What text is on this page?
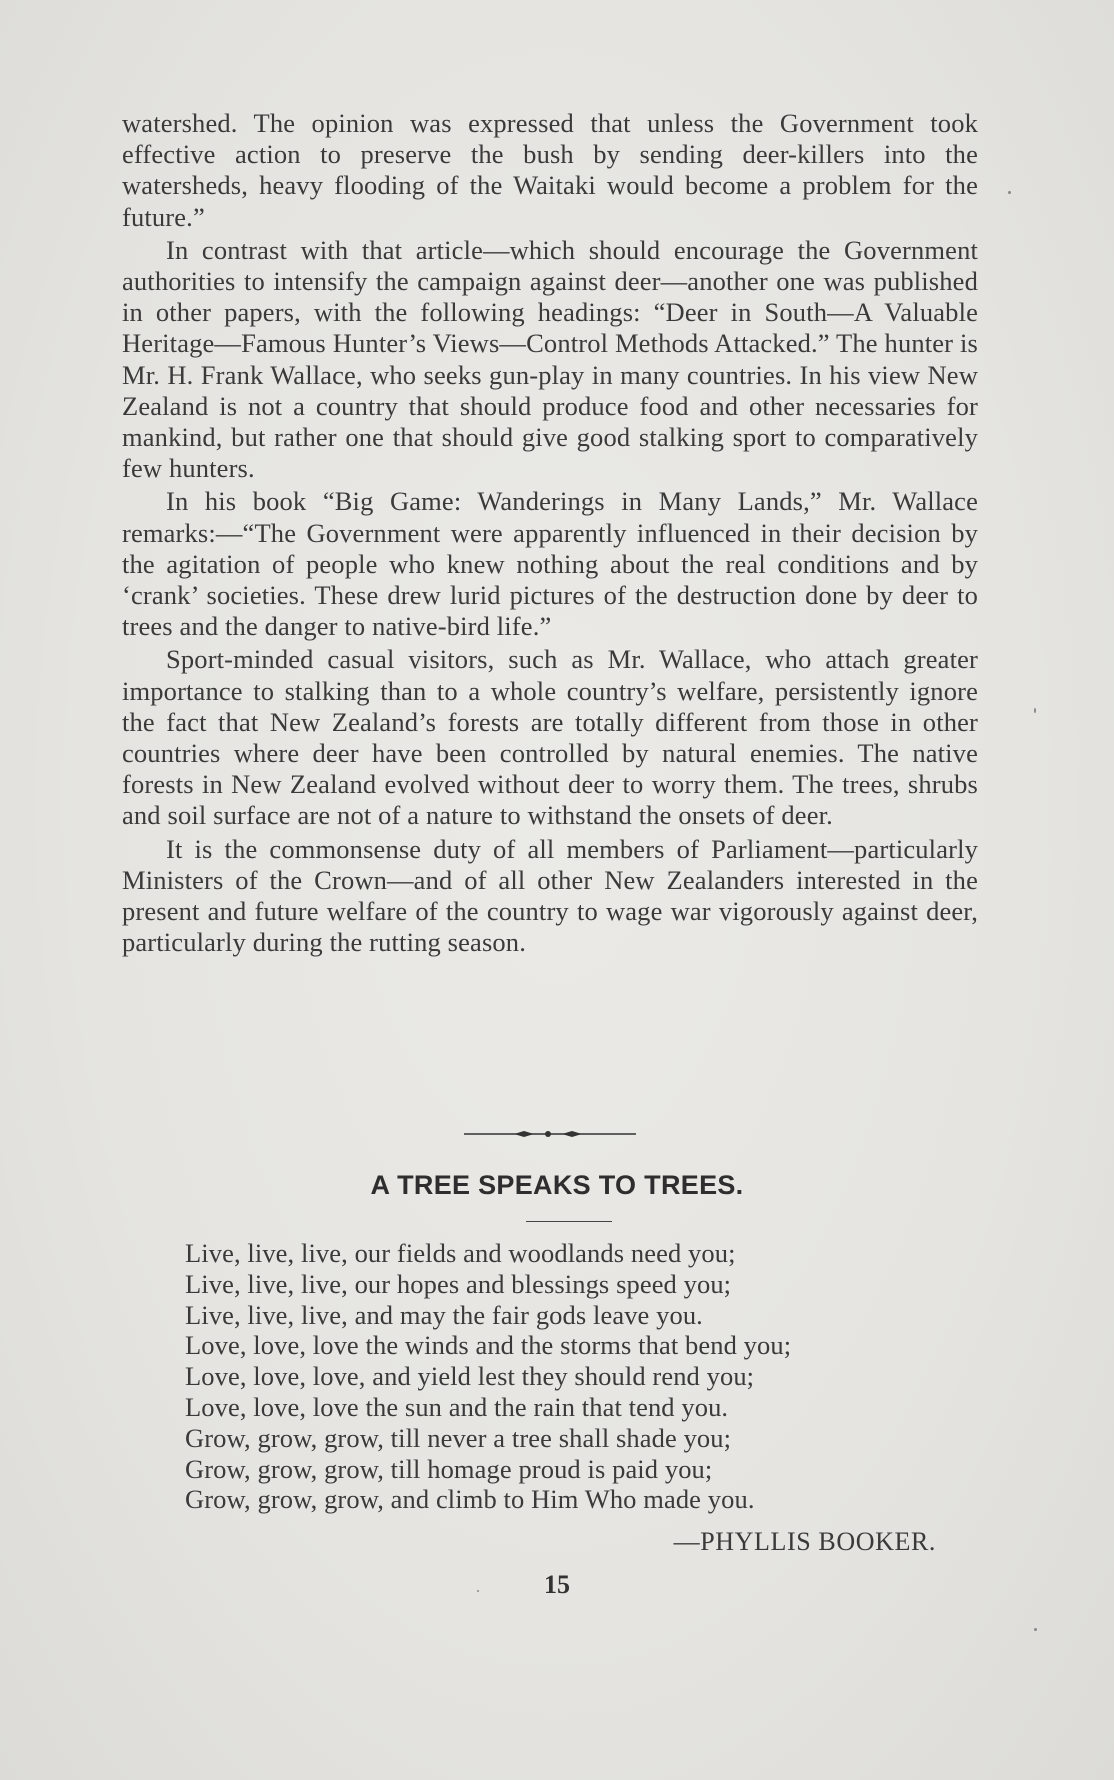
watershed. The opinion was expressed that unless the Government took effective action to preserve the bush by sending deer-killers into the watersheds, heavy flooding of the Waitaki would become a problem for the future.”

In contrast with that article—which should encourage the Government authorities to intensify the campaign against deer—another one was published in other papers, with the following headings: “Deer in South—A Valuable Heritage—Famous Hunter’s Views—Control Methods Attacked.” The hunter is Mr. H. Frank Wallace, who seeks gun-play in many countries. In his view New Zealand is not a country that should produce food and other necessaries for mankind, but rather one that should give good stalking sport to comparatively few hunters.

In his book “Big Game: Wanderings in Many Lands,” Mr. Wallace remarks:—“The Government were apparently influenced in their decision by the agitation of people who knew nothing about the real conditions and by ‘crank’ societies. These drew lurid pictures of the destruction done by deer to trees and the danger to native-bird life.”

Sport-minded casual visitors, such as Mr. Wallace, who attach greater importance to stalking than to a whole country’s welfare, persistently ignore the fact that New Zealand’s forests are totally different from those in other countries where deer have been controlled by natural enemies. The native forests in New Zealand evolved without deer to worry them. The trees, shrubs and soil surface are not of a nature to withstand the onsets of deer.

It is the commonsense duty of all members of Parliament—particularly Ministers of the Crown—and of all other New Zealanders interested in the present and future welfare of the country to wage war vigorously against deer, particularly during the rutting season.

A TREE SPEAKS TO TREES.
Live, live, live, our fields and woodlands need you;
Live, live, live, our hopes and blessings speed you;
Live, live, live, and may the fair gods leave you.
Love, love, love the winds and the storms that bend you;
Love, love, love, and yield lest they should rend you;
Love, love, love the sun and the rain that tend you.
Grow, grow, grow, till never a tree shall shade you;
Grow, grow, grow, till homage proud is paid you;
Grow, grow, grow, and climb to Him Who made you.
—PHYLLIS BOOKER.
15
